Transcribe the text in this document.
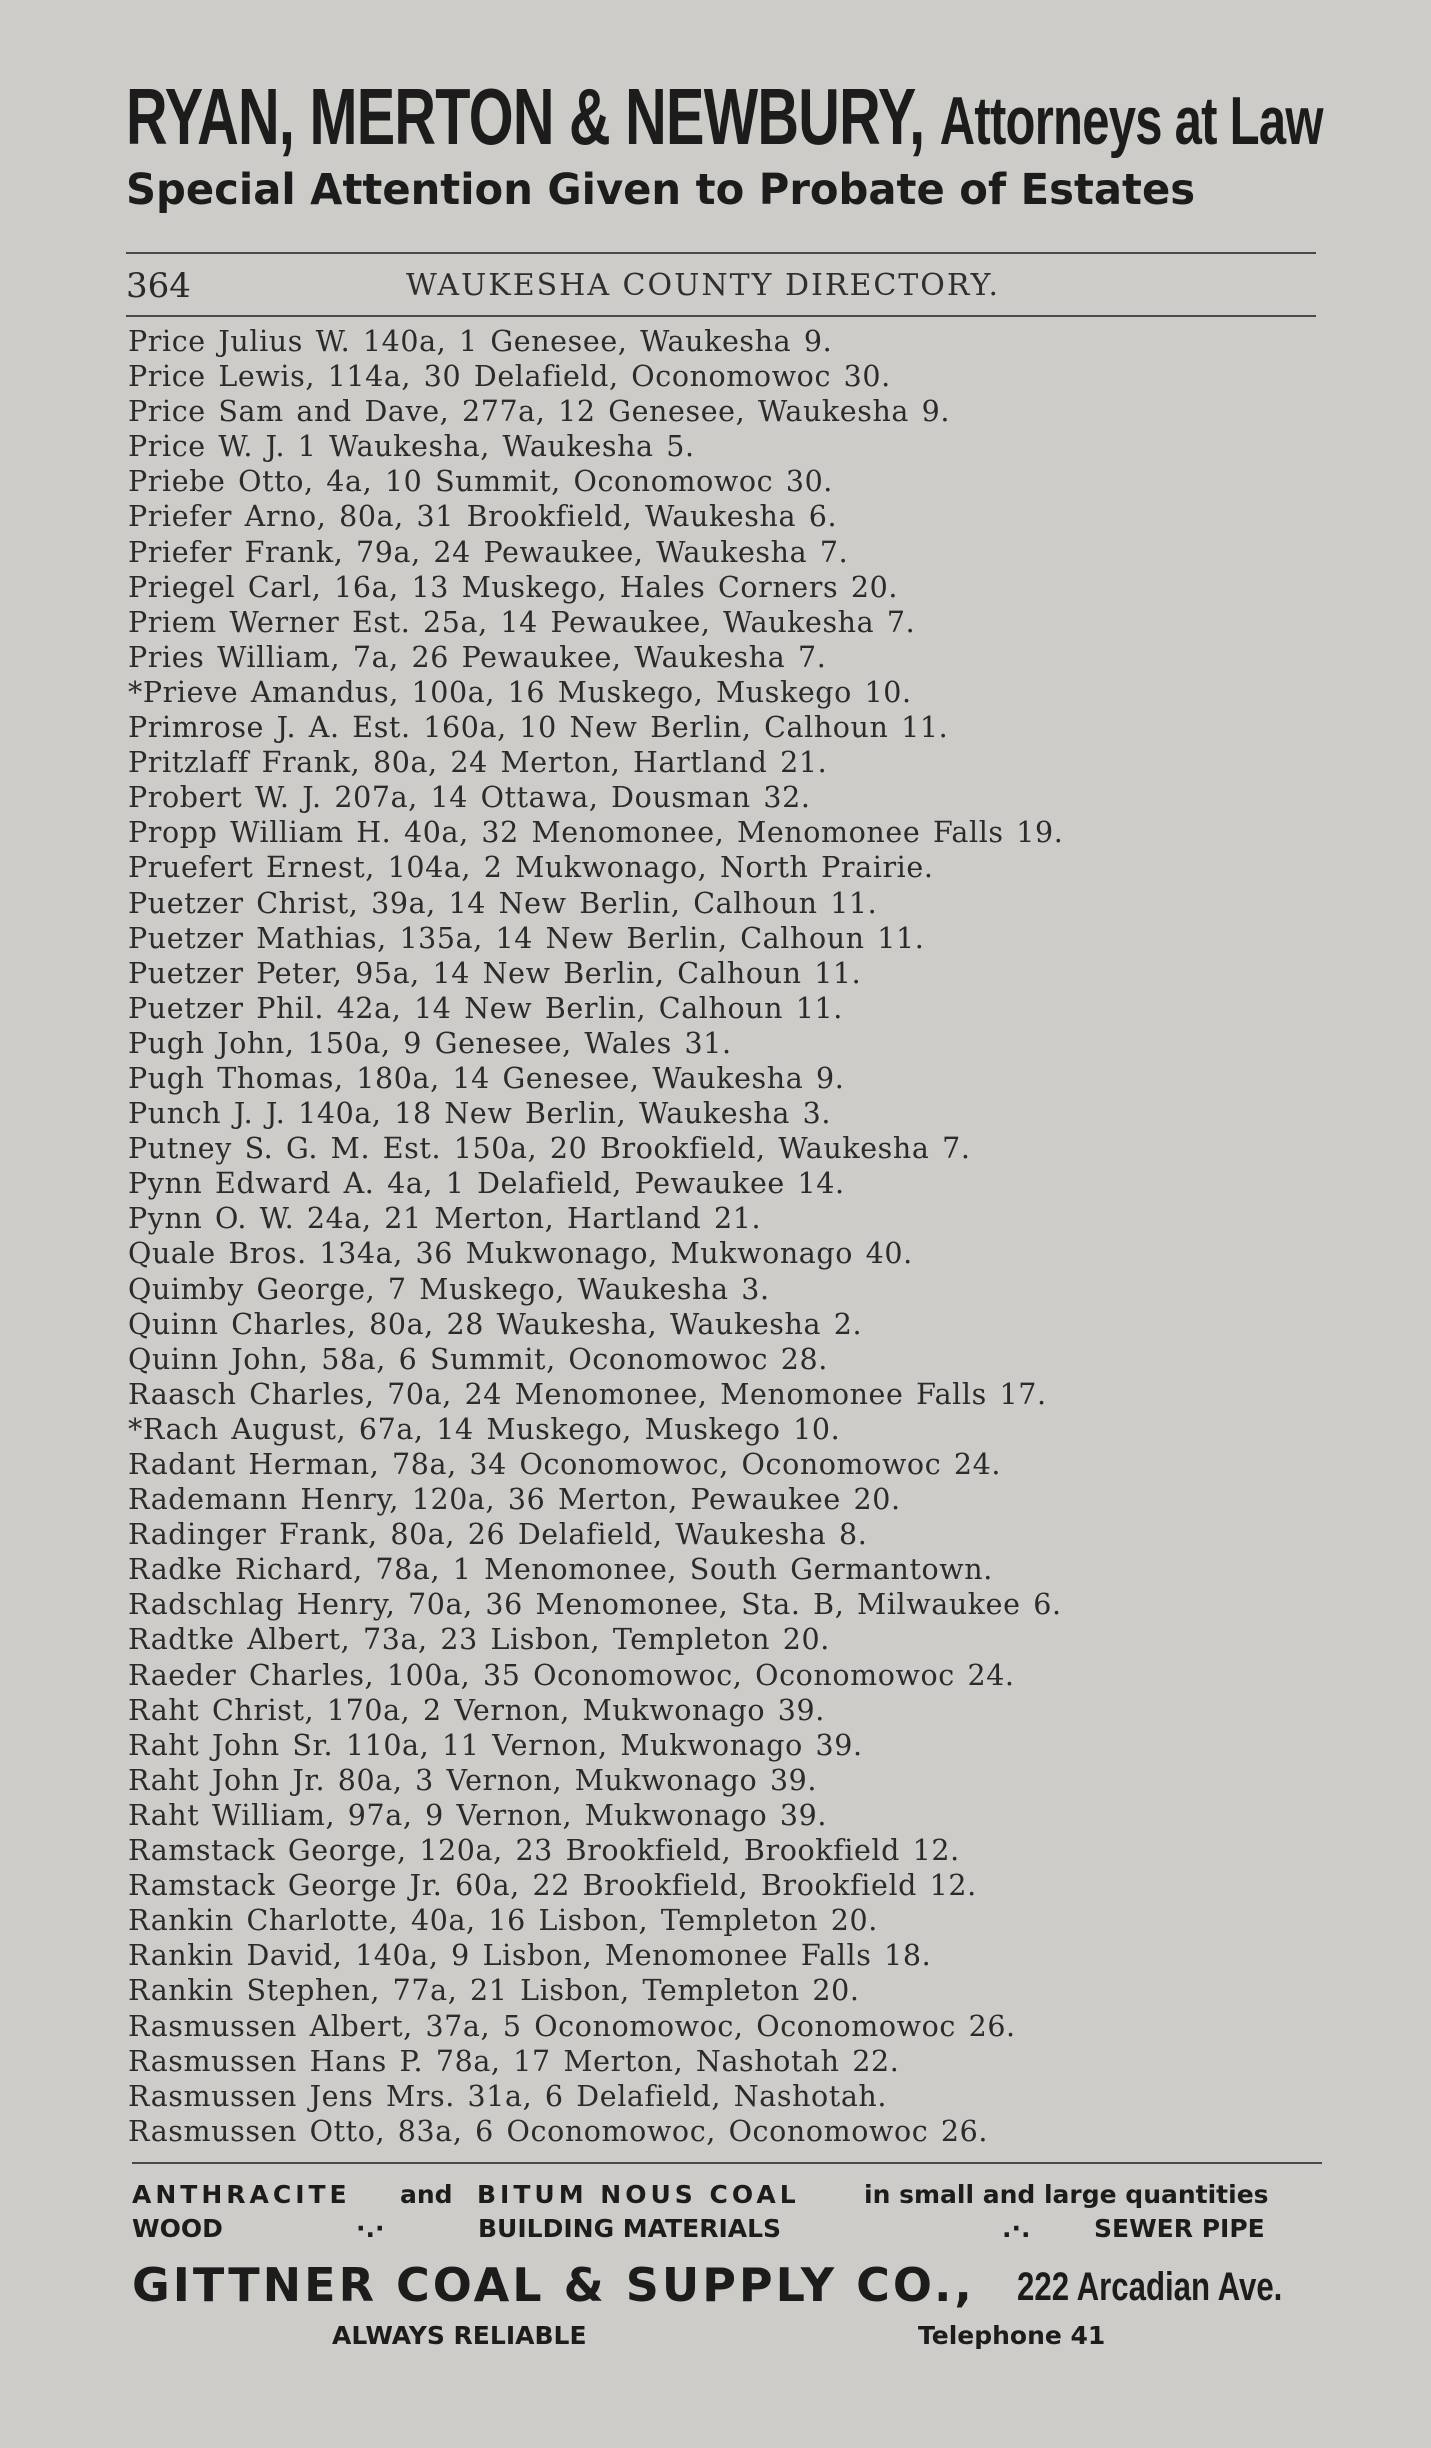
RYAN, MERTON & NEWBURY, Attorneys at Law
Special Attention Given to Probate of Estates
364	WAUKESHA COUNTY DIRECTORY.
Price Julius W. 140a, 1 Genesee, Waukesha 9.
Price Lewis, 114a, 30 Delafield, Oconomowoc 30.
Price Sam and Dave, 277a, 12 Genesee, Waukesha 9.
Price W. J. 1 Waukesha, Waukesha 5.
Priebe Otto, 4a, 10 Summit, Oconomowoc 30.
Priefer Arno, 80a, 31 Brookfield, Waukesha 6.
Priefer Frank, 79a, 24 Pewaukee, Waukesha 7.
Priegel Carl, 16a, 13 Muskego, Hales Corners 20.
Priem Werner Est. 25a, 14 Pewaukee, Waukesha 7.
Pries William, 7a, 26 Pewaukee, Waukesha 7.
*Prieve Amandus, 100a, 16 Muskego, Muskego 10.
Primrose J. A. Est. 160a, 10 New Berlin, Calhoun 11.
Pritzlaff Frank, 80a, 24 Merton, Hartland 21.
Probert W. J. 207a, 14 Ottawa, Dousman 32.
Propp William H. 40a, 32 Menomonee, Menomonee Falls 19.
Pruefert Ernest, 104a, 2 Mukwonago, North Prairie.
Puetzer Christ, 39a, 14 New Berlin, Calhoun 11.
Puetzer Mathias, 135a, 14 New Berlin, Calhoun 11.
Puetzer Peter, 95a, 14 New Berlin, Calhoun 11.
Puetzer Phil. 42a, 14 New Berlin, Calhoun 11.
Pugh John, 150a, 9 Genesee, Wales 31.
Pugh Thomas, 180a, 14 Genesee, Waukesha 9.
Punch J. J. 140a, 18 New Berlin, Waukesha 3.
Putney S. G. M. Est. 150a, 20 Brookfield, Waukesha 7.
Pynn Edward A. 4a, 1 Delafield, Pewaukee 14.
Pynn O. W. 24a, 21 Merton, Hartland 21.
Quale Bros. 134a, 36 Mukwonago, Mukwonago 40.
Quimby George, 7 Muskego, Waukesha 3.
Quinn Charles, 80a, 28 Waukesha, Waukesha 2.
Quinn John, 58a, 6 Summit, Oconomowoc 28.
Raasch Charles, 70a, 24 Menomonee, Menomonee Falls 17.
*Rach August, 67a, 14 Muskego, Muskego 10.
Radant Herman, 78a, 34 Oconomowoc, Oconomowoc 24.
Rademann Henry, 120a, 36 Merton, Pewaukee 20.
Radinger Frank, 80a, 26 Delafield, Waukesha 8.
Radke Richard, 78a, 1 Menomonee, South Germantown.
Radschlag Henry, 70a, 36 Menomonee, Sta. B, Milwaukee 6.
Radtke Albert, 73a, 23 Lisbon, Templeton 20.
Raeder Charles, 100a, 35 Oconomowoc, Oconomowoc 24.
Raht Christ, 170a, 2 Vernon, Mukwonago 39.
Raht John Sr. 110a, 11 Vernon, Mukwonago 39.
Raht John Jr. 80a, 3 Vernon, Mukwonago 39.
Raht William, 97a, 9 Vernon, Mukwonago 39.
Ramstack George, 120a, 23 Brookfield, Brookfield 12.
Ramstack George Jr. 60a, 22 Brookfield, Brookfield 12.
Rankin Charlotte, 40a, 16 Lisbon, Templeton 20.
Rankin David, 140a, 9 Lisbon, Menomonee Falls 18.
Rankin Stephen, 77a, 21 Lisbon, Templeton 20.
Rasmussen Albert, 37a, 5 Oconomowoc, Oconomowoc 26.
Rasmussen Hans P. 78a, 17 Merton, Nashotah 22.
Rasmussen Jens Mrs. 31a, 6 Delafield, Nashotah.
Rasmussen Otto, 83a, 6 Oconomowoc, Oconomowoc 26.
ANTHRACITE and BITUM NOUS COAL	in small and large quantities
WOOD	·.·	BUILDING MATERIALS	.·.	SEWER PIPE
GITTNER COAL & SUPPLY CO., 222 Arcadian Ave.
ALWAYS RELIABLE	Telephone 41
